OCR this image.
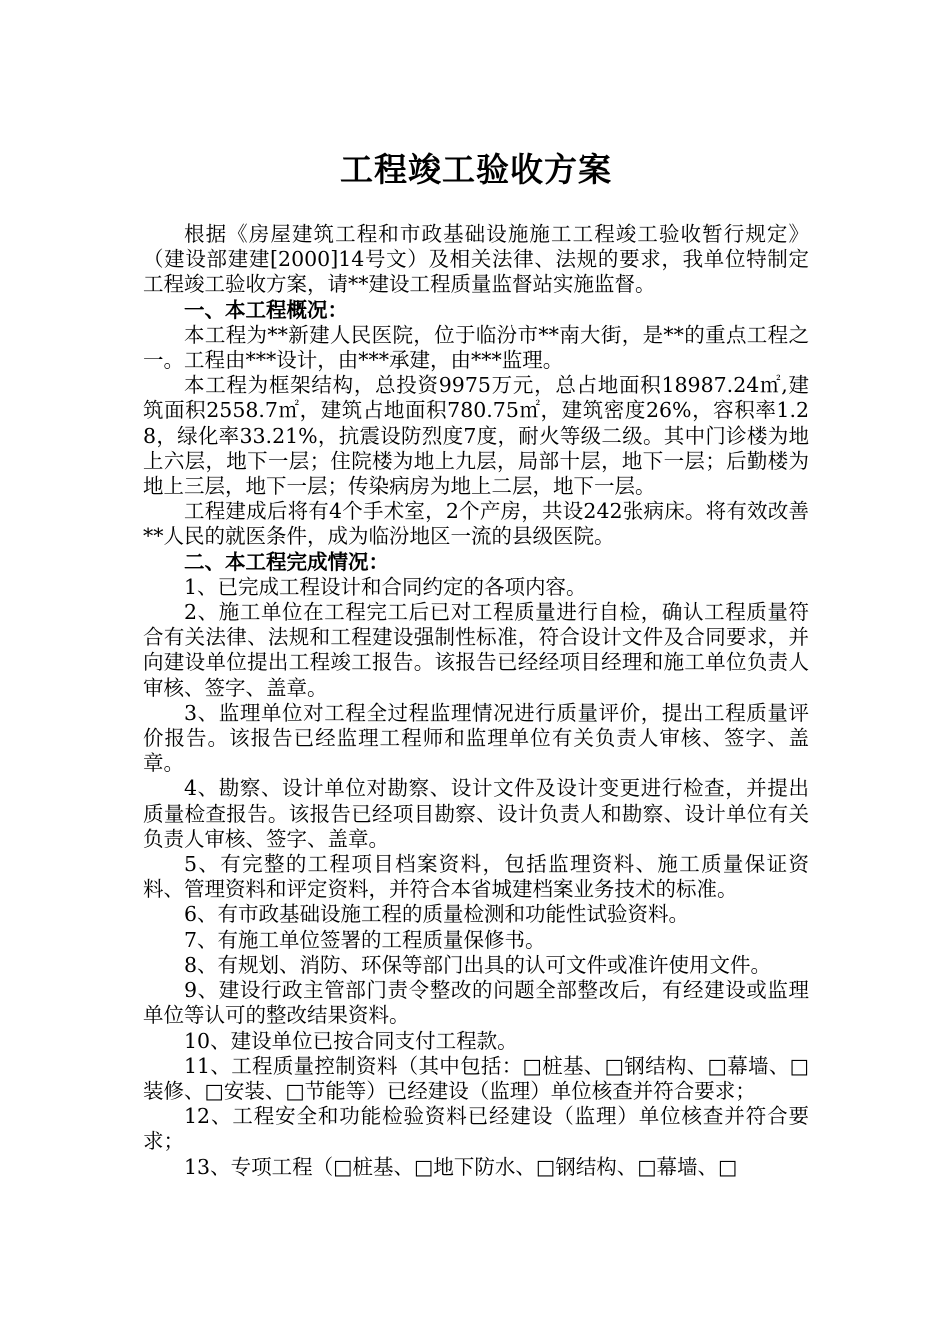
工程竣工验收方案

根据《房屋建筑工程和市政基础设施施工工程竣工验收暂行规定》（建设部建建[2000]14号文）及相关法律、法规的要求，我单位特制定工程竣工验收方案，请**建设工程质量监督站实施监督。

一、本工程概况：

本工程为**新建人民医院，位于临汾市**南大街，是**的重点工程之一。工程由***设计，由***承建，由***监理。

本工程为框架结构，总投资9975万元，总占地面积18987.24㎡,建筑面积2558.7㎡，建筑占地面积780.75㎡，建筑密度26%，容积率1.28，绿化率33.21%，抗震设防烈度7度，耐火等级二级。其中门诊楼为地上六层，地下一层；住院楼为地上九层，局部十层，地下一层；后勤楼为地上三层，地下一层；传染病房为地上二层，地下一层。

工程建成后将有4个手术室，2个产房，共设242张病床。将有效改善**人民的就医条件，成为临汾地区一流的县级医院。

二、本工程完成情况：

1、已完成工程设计和合同约定的各项内容。

2、施工单位在工程完工后已对工程质量进行自检，确认工程质量符合有关法律、法规和工程建设强制性标准，符合设计文件及合同要求，并向建设单位提出工程竣工报告。该报告已经经项目经理和施工单位负责人审核、签字、盖章。

3、监理单位对工程全过程监理情况进行质量评价，提出工程质量评价报告。该报告已经监理工程师和监理单位有关负责人审核、签字、盖章。

4、勘察、设计单位对勘察、设计文件及设计变更进行检查，并提出质量检查报告。该报告已经项目勘察、设计负责人和勘察、设计单位有关负责人审核、签字、盖章。

5、有完整的工程项目档案资料，包括监理资料、施工质量保证资料、管理资料和评定资料，并符合本省城建档案业务技术的标准。

6、有市政基础设施工程的质量检测和功能性试验资料。

7、有施工单位签署的工程质量保修书。

8、有规划、消防、环保等部门出具的认可文件或准许使用文件。

9、建设行政主管部门责令整改的问题全部整改后，有经建设或监理单位等认可的整改结果资料。

10、建设单位已按合同支付工程款。

11、工程质量控制资料（其中包括：□桩基、□钢结构、□幕墙、□装修、□安装、□节能等）已经建设（监理）单位核查并符合要求；

12、工程安全和功能检验资料已经建设（监理）单位核查并符合要求；

13、专项工程（□桩基、□地下防水、□钢结构、□幕墙、□
